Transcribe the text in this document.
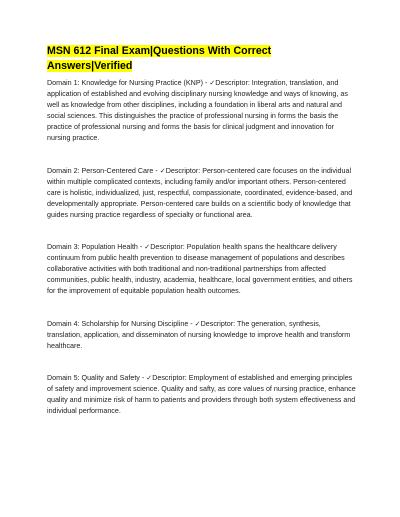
MSN 612 Final Exam|Questions With Correct
Answers|Verified

Domain 1: Knowledge for Nursing Practice (KNP) - ✓Descriptor: Integration, translation, and application of established and evolving disciplinary nursing knowledge and ways of knowing, as well as knowledge from other disciplines, including a foundation in liberal arts and natural and social sciences. This distinguishes the practice of professional nursing in forms the basis the practice of professional nursing and forms the basis for clinical judgment and innovation for nursing practice.

Domain 2: Person-Centered Care - ✓Descriptor: Person-centered care focuses on the individual within multiple complicated contexts, including family and/or important others. Person-centered care is holistic, individualized, just, respectful, compassionate, coordinated, evidence-based, and developmentally appropriate. Person-centered care builds on a scientific body of knowledge that guides nursing practice regardless of specialty or functional area.

Domain 3: Population Health - ✓Descriptor: Population health spans the healthcare delivery continuum from public health prevention to disease management of populations and describes collaborative activities with both traditional and non-traditional partnerships from affected communities, public health, industry, academia, healthcare, local government entities, and others for the improvement of equitable population health outcomes.

Domain 4: Scholarship for Nursing Discipline - ✓Descriptor: The generation, synthesis, translation, application, and disseminaton of nursing knowledge to improve health and transform healthcare.

Domain 5: Quality and Safety - ✓Descriptor: Employment of established and emerging principles of safety and improvement science. Quality and safty, as core values of nursing practice, enhance quality and minimize risk of harm to patients and providers through both system effectiveness and individual performance.
